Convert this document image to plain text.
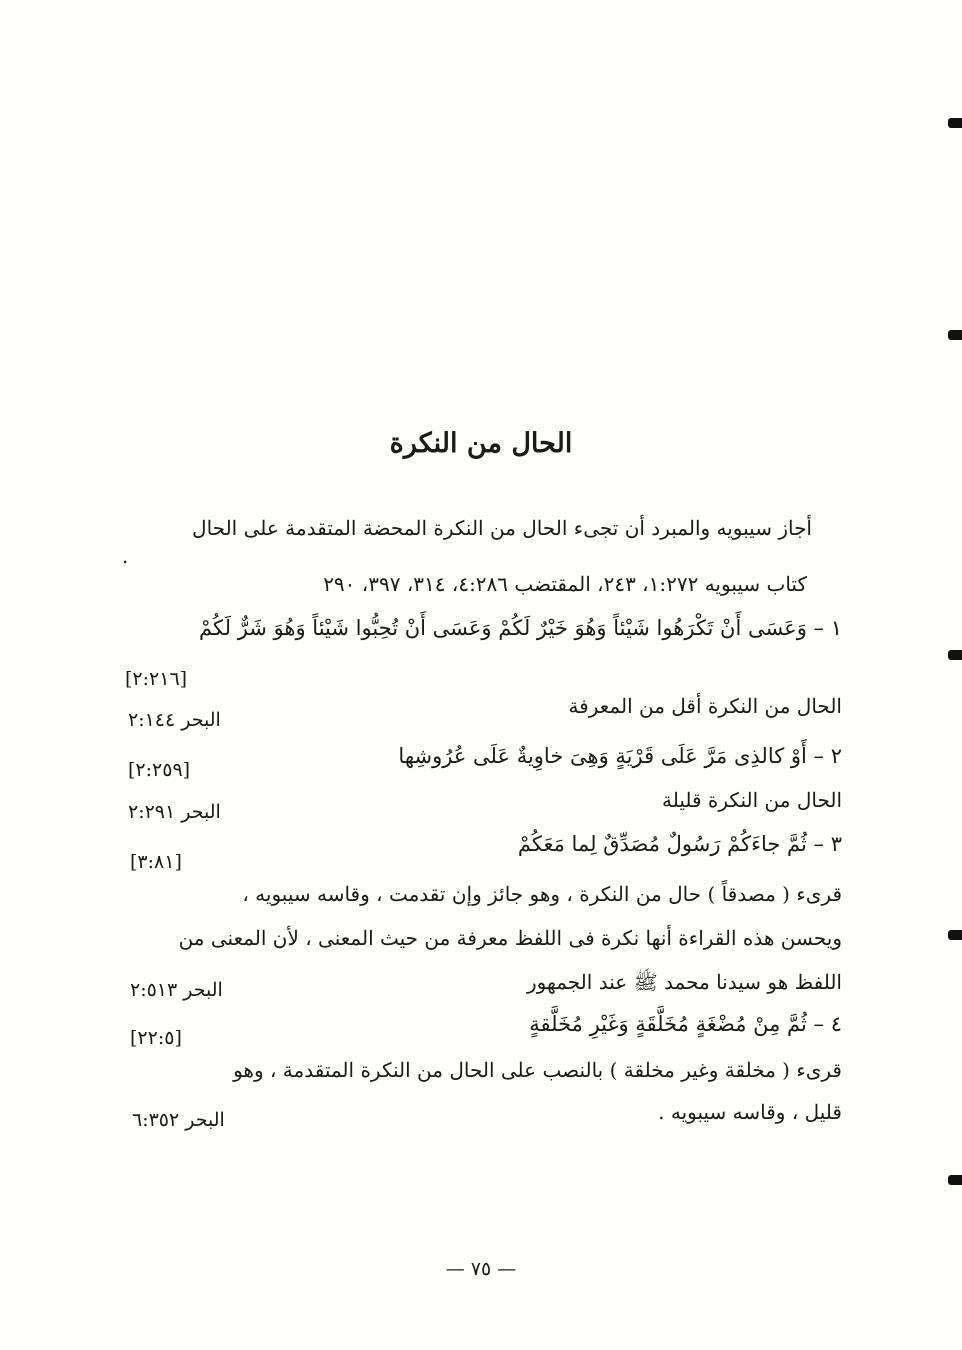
الحال من النكرة
أجاز سيبويه والمبرد أن تجىء الحال من النكرة المحضة المتقدمة على الحال
.
كتاب سيبويه ١:٢٧٢، ٢٤٣، المقتضب ٤:٢٨٦، ٣١٤، ٣٩٧، ٢٩٠
١ – وَعَسَى أَنْ تَكْرَهُوا شَيْئاً وَهُوَ خَيْرٌ لَكُمْ وَعَسَى أَنْ تُحِبُّوا شَيْئاً وَهُوَ شَرٌّ لَكُمْ
[٢:٢١٦]
الحال من النكرة أقل من المعرفة
البحر ٢:١٤٤
٢ – أَوْ كالذِى مَرَّ عَلَى قَرْيَةٍ وَهِىَ خاوِيةٌ عَلَى عُرُوشِها
[٢:٢٥٩]
الحال من النكرة قليلة
البحر ٢:٢٩١
٣ – ثُمَّ جاءَكُمْ رَسُولٌ مُصَدِّقٌ لِما مَعَكُمْ
[٣:٨١]
قرىء ( مصدقاً ) حال من النكرة ، وهو جائز وإن تقدمت ، وقاسه سيبويه ،
ويحسن هذه القراءة أنها نكرة فى اللفظ معرفة من حيث المعنى ، لأن المعنى من
اللفظ هو سيدنا محمد ﷺ عند الجمهور
البحر ٢:٥١٣
٤ – ثُمَّ مِنْ مُضْغَةٍ مُخَلَّقَةٍ وَغَيْرِ مُخَلَّقةٍ
[٢٢:٥]
قرىء ( مخلقة وغير مخلقة ) بالنصب على الحال من النكرة المتقدمة ، وهو
قليل ، وقاسه سيبويه .
البحر ٦:٣٥٢
— ٧٥ —
